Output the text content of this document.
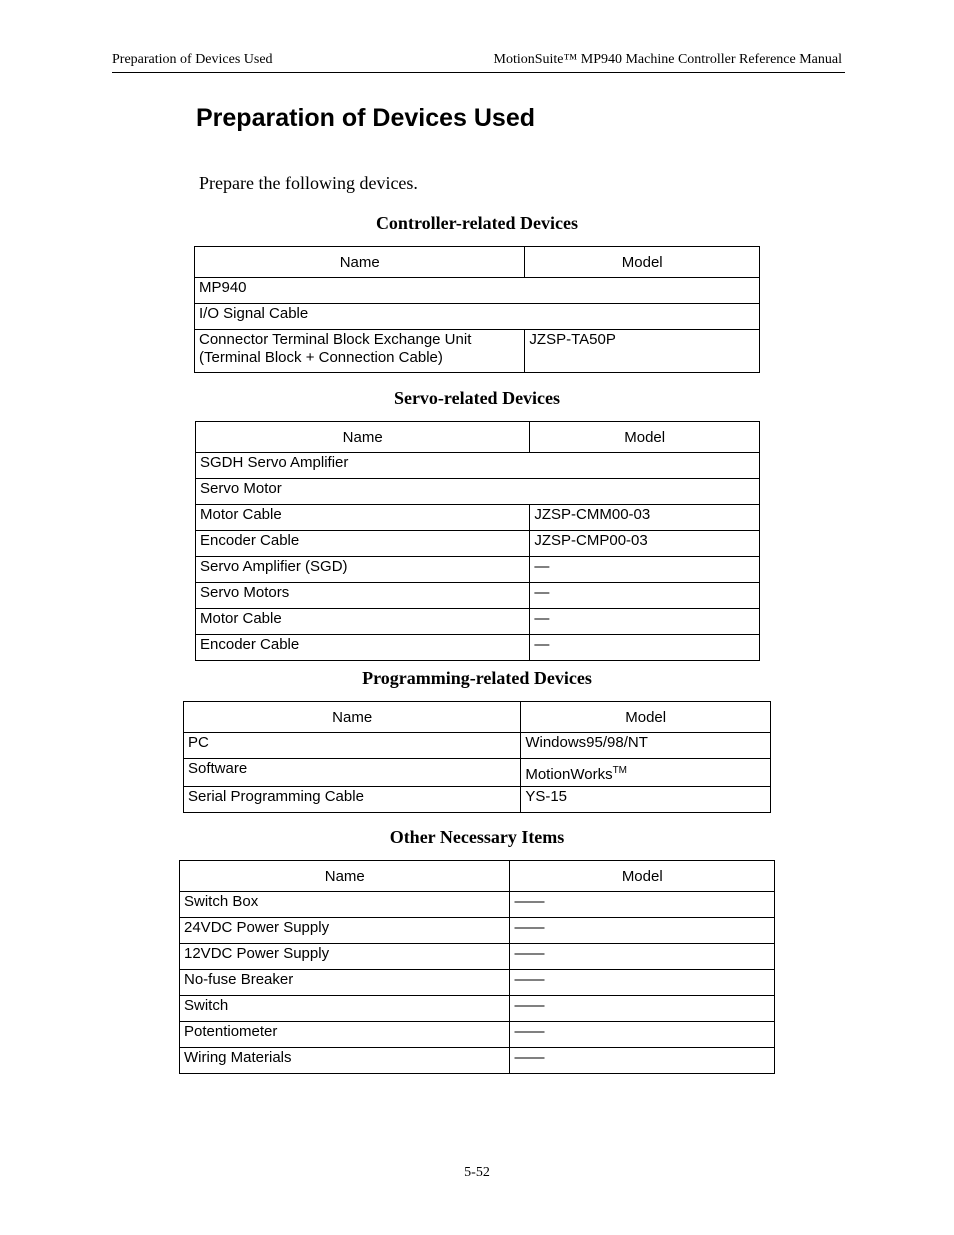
Preparation of Devices Used	MotionSuite™ MP940 Machine Controller Reference Manual
Preparation of Devices Used

Prepare the following devices.

Controller-related Devices
Name	Model
MP940	
I/O Signal Cable	
Connector Terminal Block Exchange Unit
(Terminal Block + Connection Cable)	JZSP-TA50P
Servo-related Devices
Name	Model
SGDH Servo Amplifier	
Servo Motor	
Motor Cable	JZSP-CMM00-03
Encoder Cable	JZSP-CMP00-03
Servo Amplifier (SGD)	—
Servo Motors	—
Motor Cable	—
Encoder Cable	—
Programming-related Devices
Name	Model
PC	Windows95/98/NT
Software	MotionWorks™
Serial Programming Cable	YS-15
Other Necessary Items
Name	Model
Switch Box	——
24VDC Power Supply	——
12VDC Power Supply	——
No-fuse Breaker	——
Switch	——
Potentiometer	——
Wiring Materials	——
5-52
